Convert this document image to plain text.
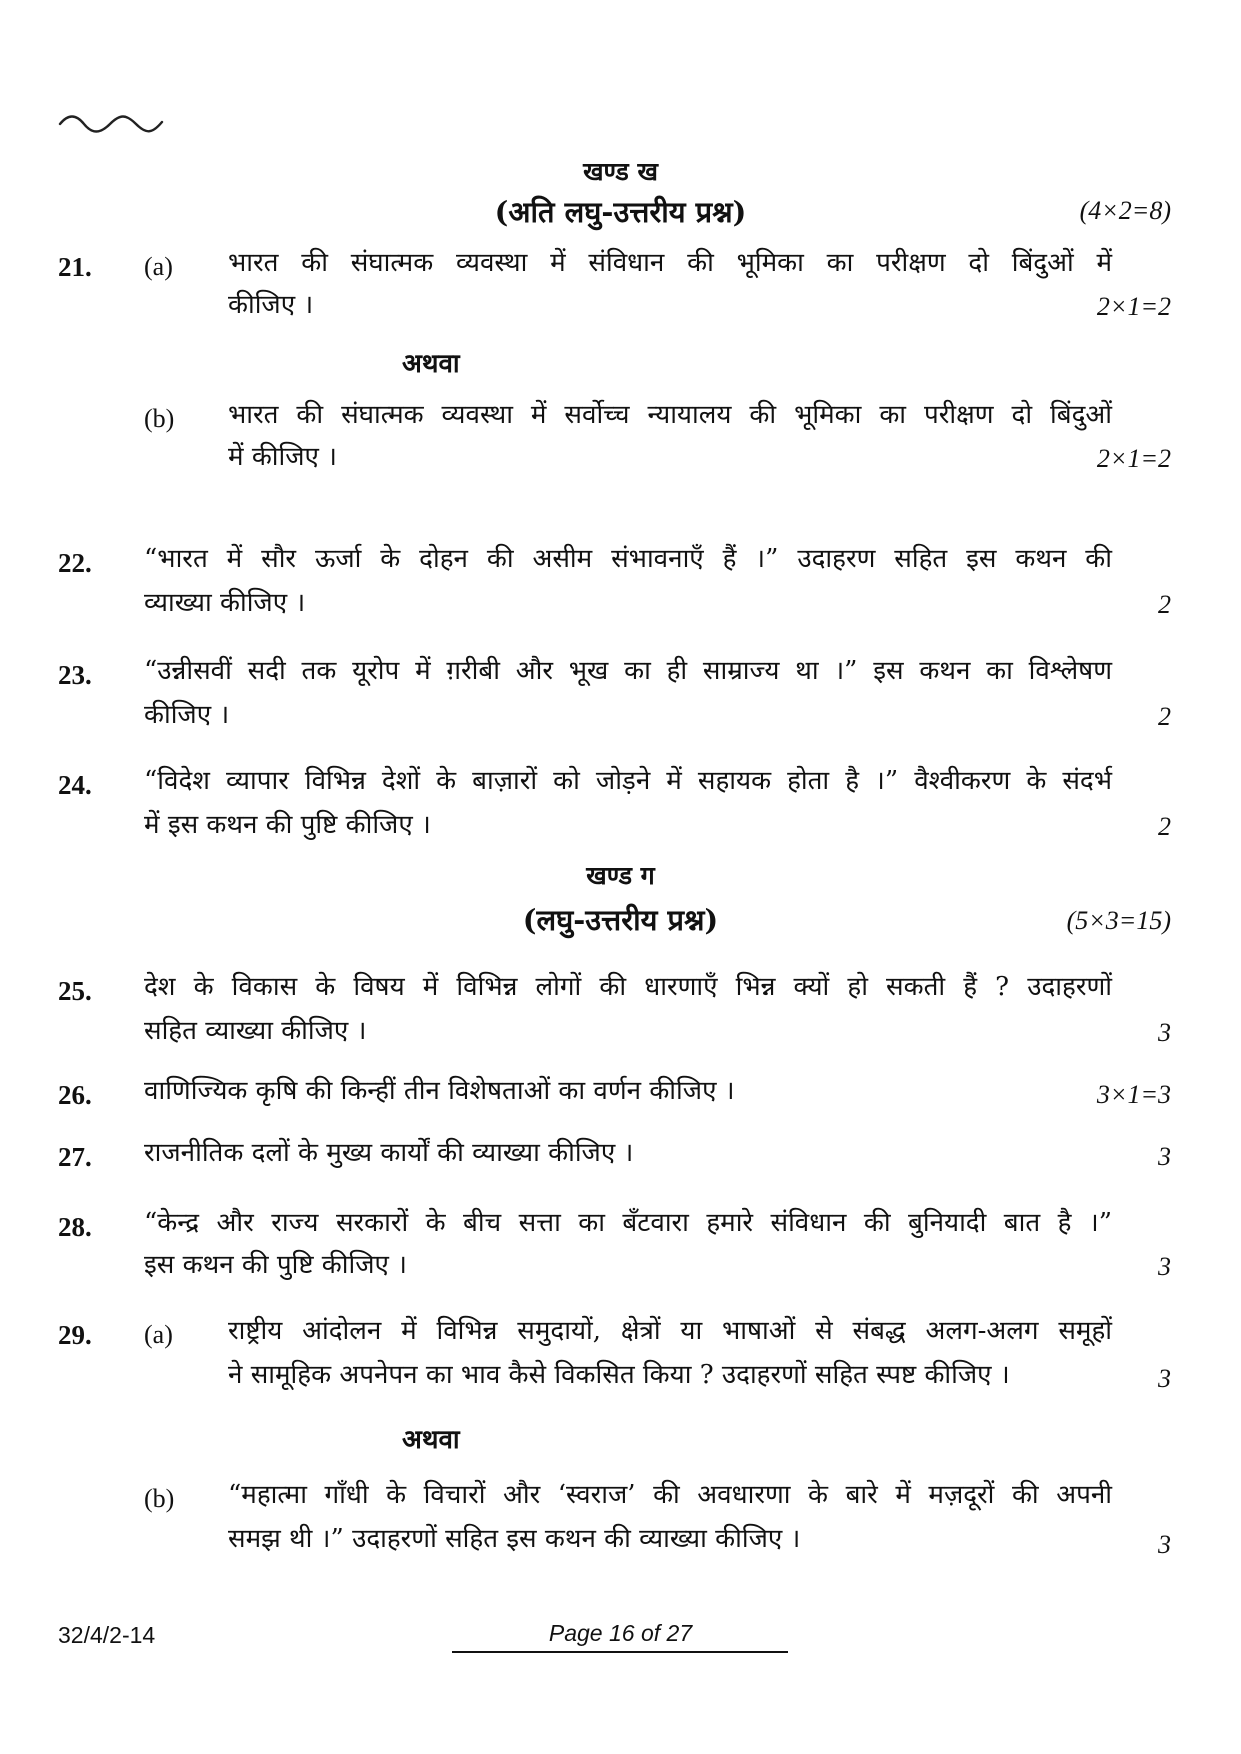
खण्ड ख
(अति लघु-उत्तरीय प्रश्न)	(4×2=8)
21. (a) भारत की संघात्मक व्यवस्था में संविधान की भूमिका का परीक्षण दो बिंदुओं में
कीजिए ।	2×1=2
अथवा
(b) भारत की संघात्मक व्यवस्था में सर्वोच्च न्यायालय की भूमिका का परीक्षण दो बिंदुओं
में कीजिए ।	2×1=2
22. “भारत में सौर ऊर्जा के दोहन की असीम संभावनाएँ हैं ।” उदाहरण सहित इस कथन की
व्याख्या कीजिए ।	2
23. “उन्नीसवीं सदी तक यूरोप में ग़रीबी और भूख का ही साम्राज्य था ।” इस कथन का विश्लेषण
कीजिए ।	2
24. “विदेश व्यापार विभिन्न देशों के बाज़ारों को जोड़ने में सहायक होता है ।” वैश्वीकरण के संदर्भ
में इस कथन की पुष्टि कीजिए ।	2
खण्ड ग
(लघु-उत्तरीय प्रश्न)	(5×3=15)
25. देश के विकास के विषय में विभिन्न लोगों की धारणाएँ भिन्न क्यों हो सकती हैं ? उदाहरणों
सहित व्याख्या कीजिए ।	3
26. वाणिज्यिक कृषि की किन्हीं तीन विशेषताओं का वर्णन कीजिए ।	3×1=3
27. राजनीतिक दलों के मुख्य कार्यों की व्याख्या कीजिए ।	3
28. “केन्द्र और राज्य सरकारों के बीच सत्ता का बँटवारा हमारे संविधान की बुनियादी बात है ।”
इस कथन की पुष्टि कीजिए ।	3
29. (a) राष्ट्रीय आंदोलन में विभिन्न समुदायों, क्षेत्रों या भाषाओं से संबद्ध अलग-अलग समूहों
ने सामूहिक अपनेपन का भाव कैसे विकसित किया ? उदाहरणों सहित स्पष्ट कीजिए ।	3
अथवा
(b) “महात्मा गाँधी के विचारों और ‘स्वराज’ की अवधारणा के बारे में मज़दूरों की अपनी
समझ थी ।” उदाहरणों सहित इस कथन की व्याख्या कीजिए ।	3
32/4/2-14	Page 16 of 27
